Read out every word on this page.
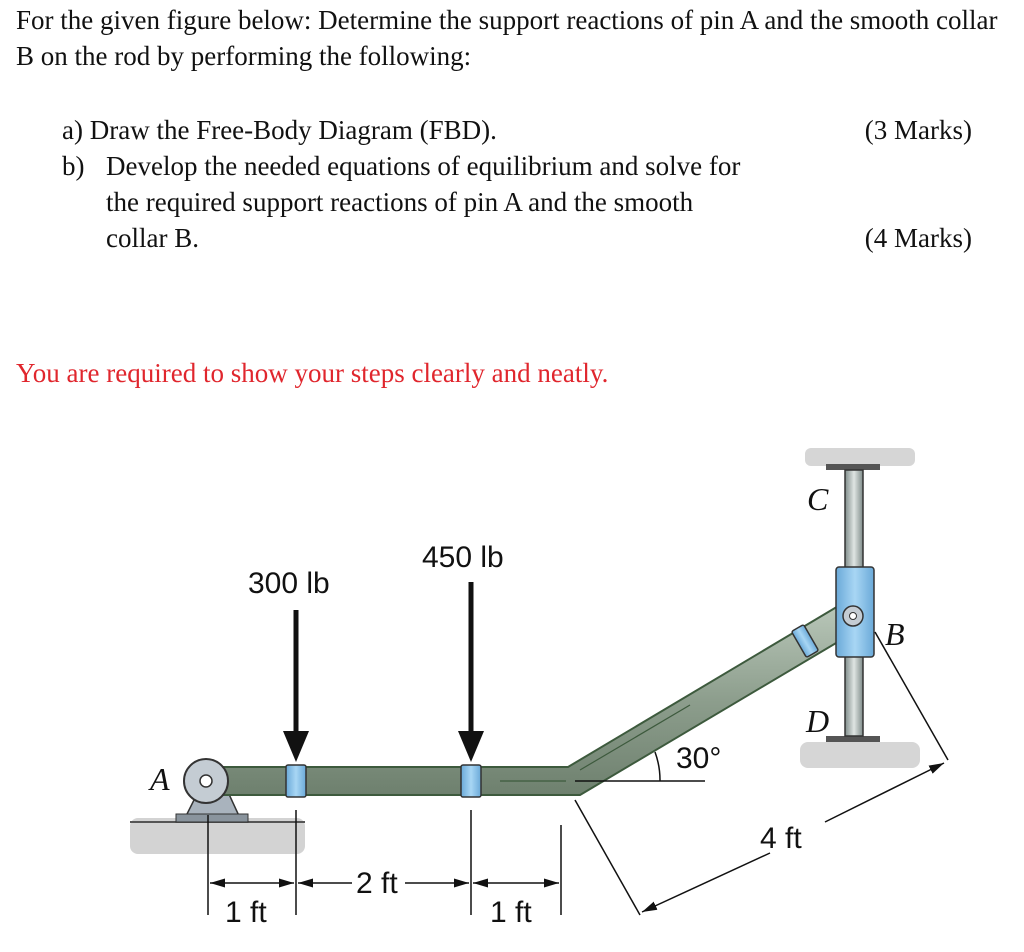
For the given figure below: Determine the support reactions of pin A and the smooth collar B on the rod by performing the following:
a) Draw the Free-Body Diagram (FBD).	(3 Marks)
b) Develop the needed equations of equilibrium and solve for
the required support reactions of pin A and the smooth
collar B.	(4 Marks)
You are required to show your steps clearly and neatly.
A
B
C
D
300 lb
450 lb
30°
1 ft
2 ft
1 ft
4 ft
